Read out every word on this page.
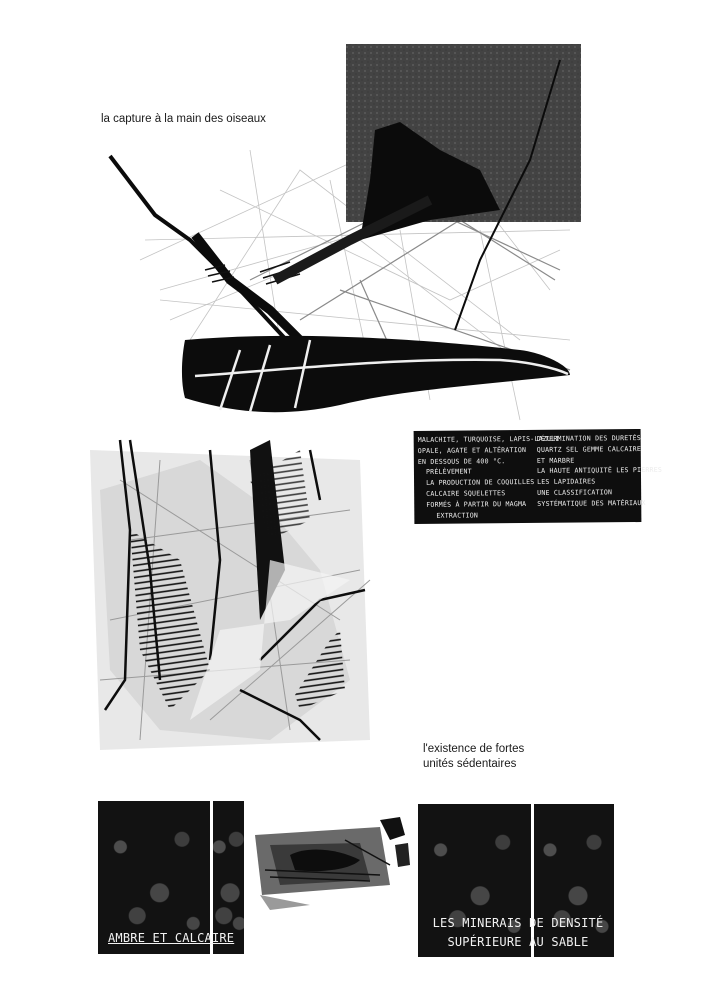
la capture à la main des oiseaux
MALACHITE, TURQUOISE, LAPIS-LAZULI
OPALE, AGATE ET ALTÉRATION
EN DESSOUS DE 400 °C.
PRÉLÈVEMENT
LA PRODUCTION DE COQUILLES
CALCAIRE SQUELETTES
FORMÉS À PARTIR DU MAGMA
EXTRACTION
DÉTERMINATION DES DURETÉS
QUARTZ SEL GEMME CALCAIRE
ET MARBRE
LA HAUTE ANTIQUITÉ LES PIERRES
LES LAPIDAIRES
UNE CLASSIFICATION
SYSTÉMATIQUE DES MATÉRIAUX
l'existence de fortes
unités sédentaires
AMBRE ET CALCAIRE
LES MINERAIS DE DENSITÉ
SUPÉRIEURE AU SABLE
